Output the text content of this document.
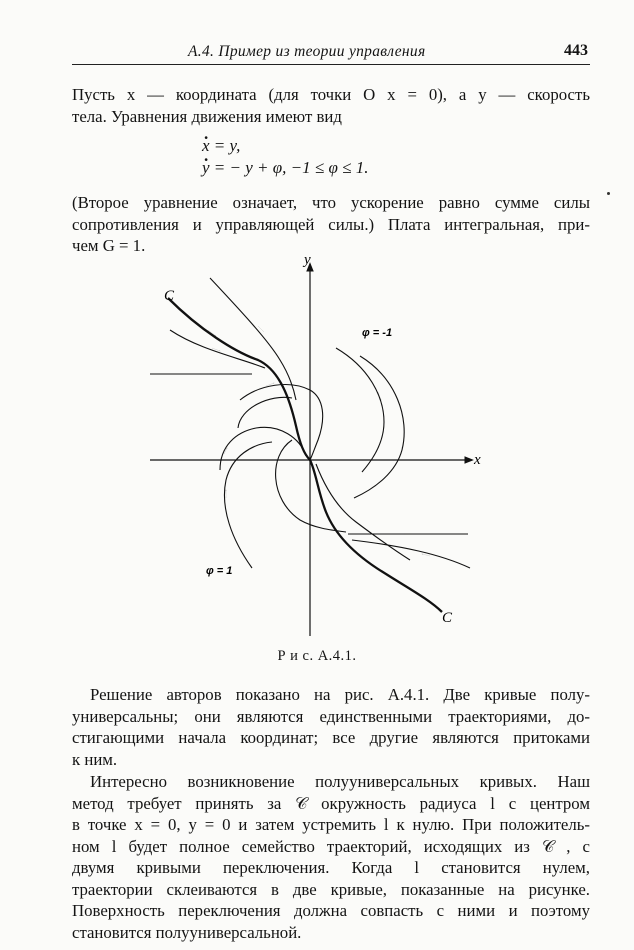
А.4. Пример из теории управления	443

Пусть x — координата (для точки O x = 0), а y — скорость
тела. Уравнения движения имеют вид

. x = y,
. y = − y + φ, −1 ≤ φ ≤ 1.

(Второе уравнение означает, что ускорение равно сумме силы
сопротивления и управляющей силы.) Плата интегральная, при-
чем G = 1.

C
C
x
y
φ = -1
φ = 1
Р и с. А.4.1.

Решение авторов показано на рис. А.4.1. Две кривые полу-
универсальны; они являются единственными траекториями, до-
стигающими начала координат; все другие являются притоками
к ним.

Интересно возникновение полуунивеpсальных кривых. Наш
метод требует принять за 𝒞 окружность радиуса l с центром
в точке x = 0, y = 0 и затем устремить l к нулю. При положитель-
ном l будет полное семейство траекторий, исходящих из 𝒞 , с
двумя кривыми переключения. Когда l становится нулем,
траектории склеиваются в две кривые, показанные на рисунке.
Поверхность переключения должна совпасть с ними и поэтому
становится полуунивеpсальной.
